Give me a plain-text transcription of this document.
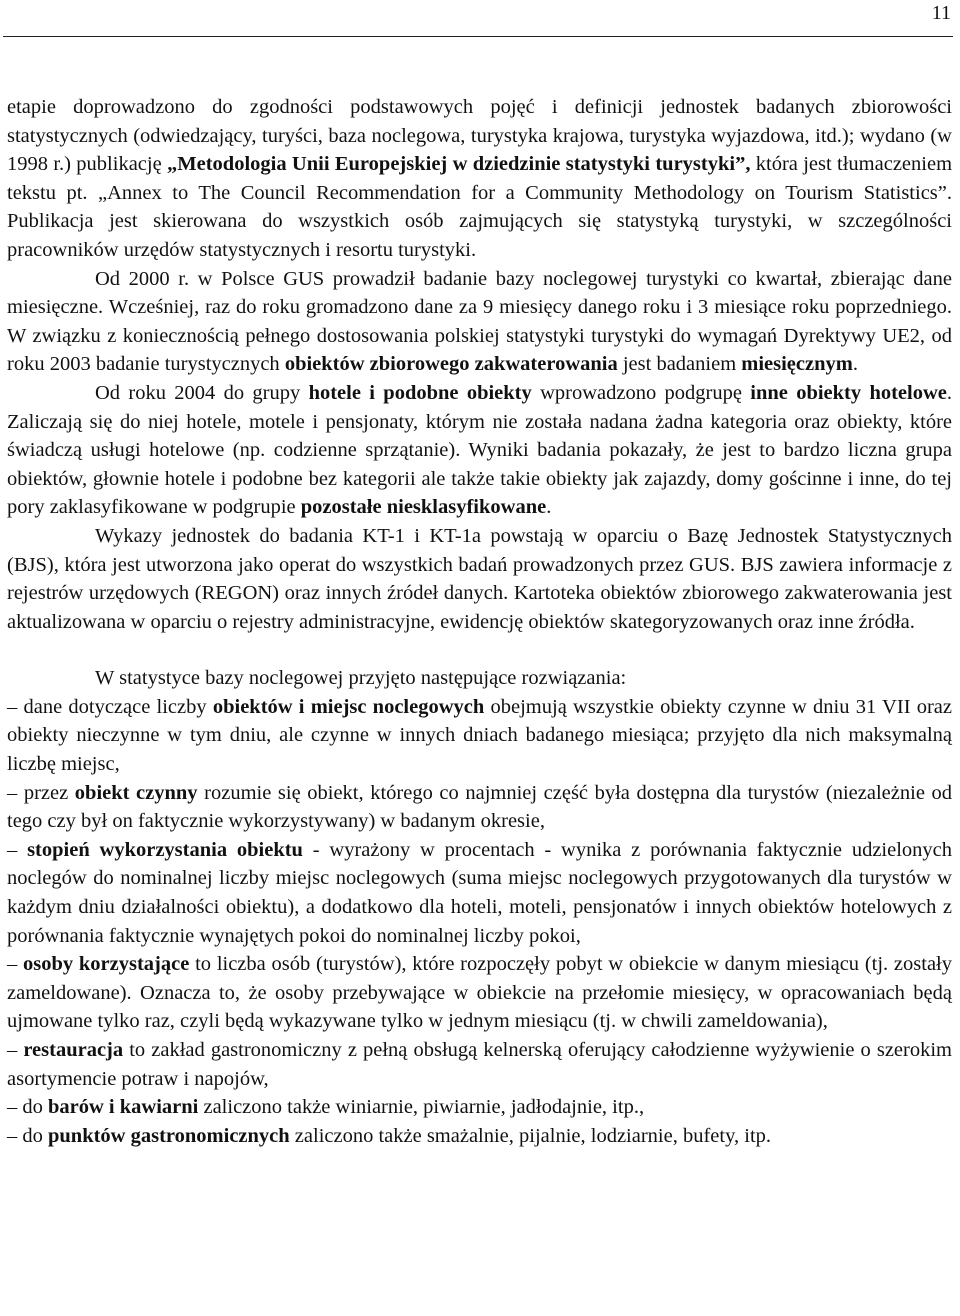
11

etapie doprowadzono do zgodności podstawowych pojęć i definicji jednostek badanych zbiorowości statystycznych (odwiedzający, turyści, baza noclegowa, turystyka krajowa, turystyka wyjazdowa, itd.); wydano (w 1998 r.) publikację „Metodologia Unii Europejskiej w dziedzinie statystyki turystyki”, która jest tłumaczeniem tekstu pt. „Annex to The Council Recommendation for a Community Methodology on Tourism Statistics”. Publikacja jest skierowana do wszystkich osób zajmujących się statystyką turystyki, w szczególności pracowników urzędów statystycznych i resortu turystyki.

Od 2000 r. w Polsce GUS prowadził badanie bazy noclegowej turystyki co kwartał, zbierając dane miesięczne. Wcześniej, raz do roku gromadzono dane za 9 miesięcy danego roku i 3 miesiące roku poprzedniego. W związku z koniecznością pełnego dostosowania polskiej statystyki turystyki do wymagań Dyrektywy UE2, od roku 2003 badanie turystycznych obiektów zbiorowego zakwaterowania jest badaniem miesięcznym.

Od roku 2004 do grupy hotele i podobne obiekty wprowadzono podgrupę inne obiekty hotelowe. Zaliczają się do niej hotele, motele i pensjonaty, którym nie została nadana żadna kategoria oraz obiekty, które świadczą usługi hotelowe (np. codzienne sprzątanie). Wyniki badania pokazały, że jest to bardzo liczna grupa obiektów, głownie hotele i podobne bez kategorii ale także takie obiekty jak zajazdy, domy gościnne i inne, do tej pory zaklasyfikowane w podgrupie pozostałe niesklasyfikowane.

Wykazy jednostek do badania KT-1 i KT-1a powstają w oparciu o Bazę Jednostek Statystycznych (BJS), która jest utworzona jako operat do wszystkich badań prowadzonych przez GUS. BJS zawiera informacje z rejestrów urzędowych (REGON) oraz innych źródeł danych. Kartoteka obiektów zbiorowego zakwaterowania jest aktualizowana w oparciu o rejestry administracyjne, ewidencję obiektów skategoryzowanych oraz inne źródła.

W statystyce bazy noclegowej przyjęto następujące rozwiązania:

– dane dotyczące liczby obiektów i miejsc noclegowych obejmują wszystkie obiekty czynne w dniu 31 VII oraz obiekty nieczynne w tym dniu, ale czynne w innych dniach badanego miesiąca; przyjęto dla nich maksymalną liczbę miejsc,

– przez obiekt czynny rozumie się obiekt, którego co najmniej część była dostępna dla turystów (niezależnie od tego czy był on faktycznie wykorzystywany) w badanym okresie,

– stopień wykorzystania obiektu - wyrażony w procentach - wynika z porównania faktycznie udzielonych noclegów do nominalnej liczby miejsc noclegowych (suma miejsc noclegowych przygotowanych dla turystów w każdym dniu działalności obiektu), a dodatkowo dla hoteli, moteli, pensjonatów i innych obiektów hotelowych z porównania faktycznie wynajętych pokoi do nominalnej liczby pokoi,

– osoby korzystające to liczba osób (turystów), które rozpoczęły pobyt w obiekcie w danym miesiącu (tj. zostały zameldowane). Oznacza to, że osoby przebywające w obiekcie na przełomie miesięcy, w opracowaniach będą ujmowane tylko raz, czyli będą wykazywane tylko w jednym miesiącu (tj. w chwili zameldowania),

– restauracja to zakład gastronomiczny z pełną obsługą kelnerską oferujący całodzienne wyżywienie o szerokim asortymencie potraw i napojów,

– do barów i kawiarni zaliczono także winiarnie, piwiarnie, jadłodajnie, itp.,

– do punktów gastronomicznych zaliczono także smażalnie, pijalnie, lodziarnie, bufety, itp.
